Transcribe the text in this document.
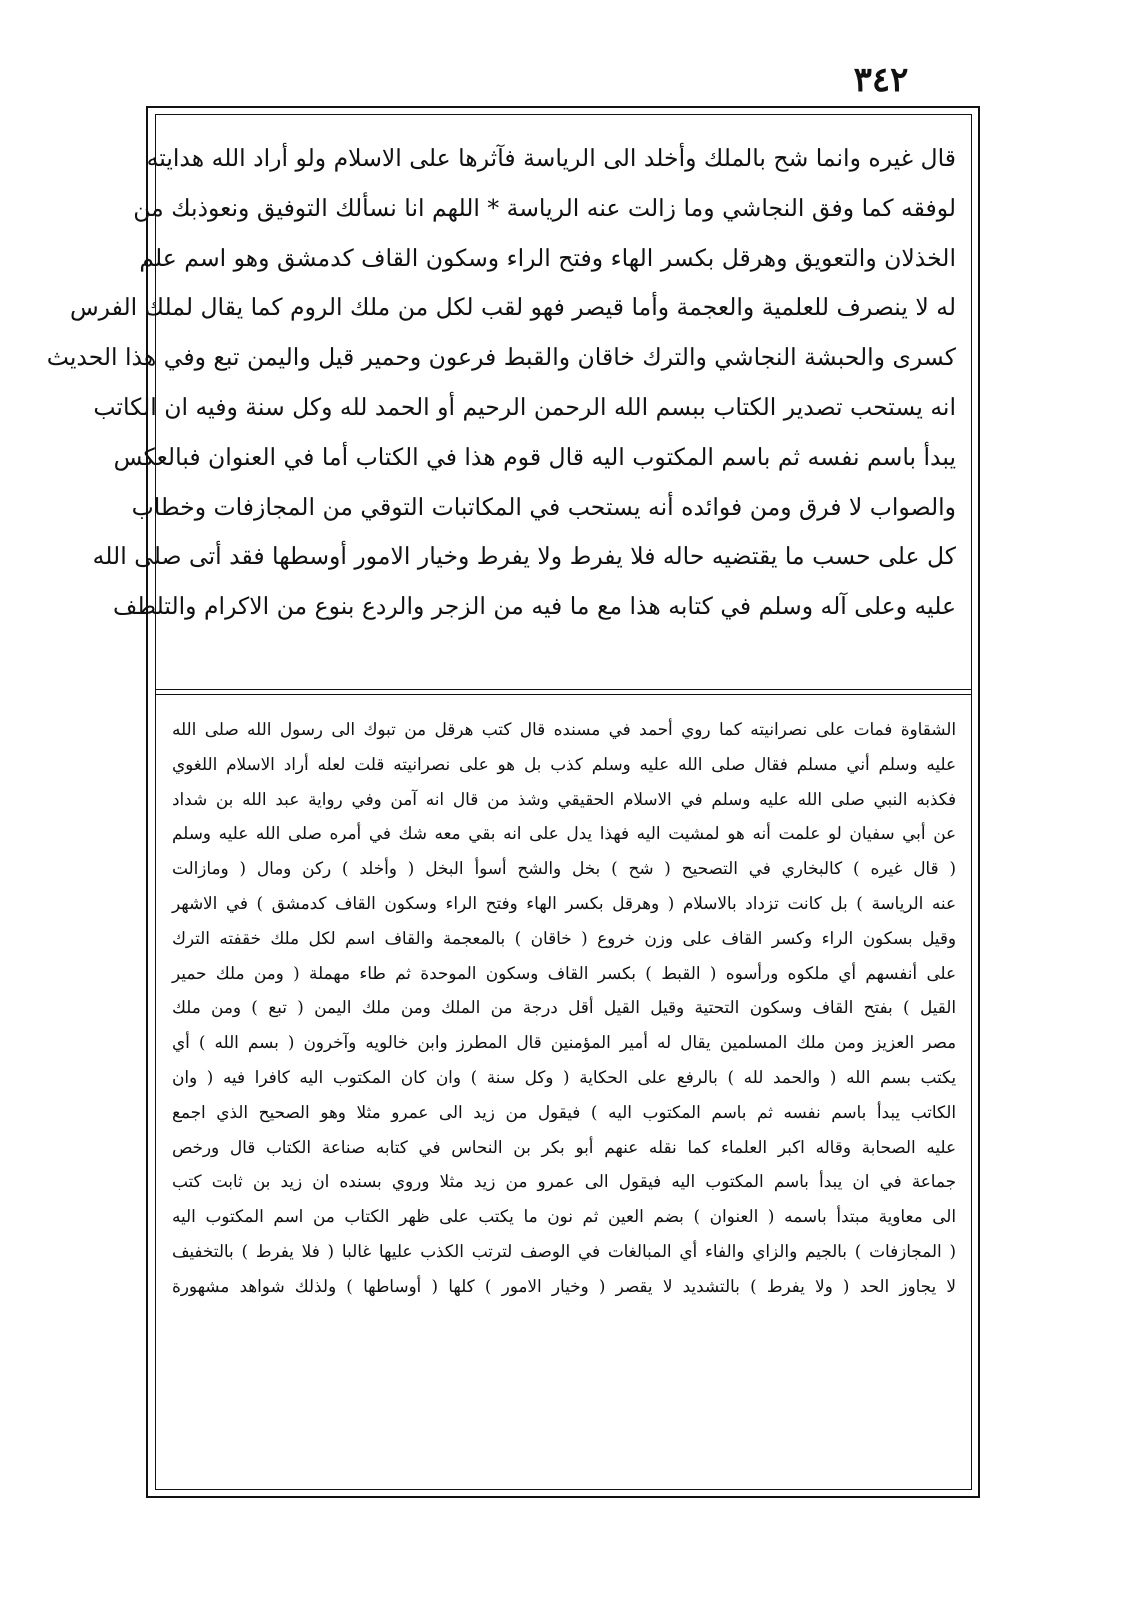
٣٤٢
قال غيره وانما شح بالملك وأخلد الى الرياسة فآثرها على الاسلام ولو أراد الله هدايته
لوفقه كما وفق النجاشي وما زالت عنه الرياسة * اللهم انا نسألك التوفيق ونعوذبك من
الخذلان والتعويق وهرقل بكسر الهاء وفتح الراء وسكون القاف كدمشق وهو اسم علم
له لا ينصرف للعلمية والعجمة وأما قيصر فهو لقب لكل من ملك الروم كما يقال لملك الفرس
كسرى والحبشة النجاشي والترك خاقان والقبط فرعون وحمير قيل واليمن تبع وفي هذا الحديث
انه يستحب تصدير الكتاب ببسم الله الرحمن الرحيم أو الحمد لله وكل سنة وفيه ان الكاتب
يبدأ باسم نفسه ثم باسم المكتوب اليه قال قوم هذا في الكتاب أما في العنوان فبالعكس
والصواب لا فرق ومن فوائده أنه يستحب في المكاتبات التوقي من المجازفات وخطاب
كل على حسب ما يقتضيه حاله فلا يفرط ولا يفرط وخيار الامور أوسطها فقد أتى صلى الله
عليه وعلى آله وسلم في كتابه هذا مع ما فيه من الزجر والردع بنوع من الاكرام والتلطف
الشقاوة فمات على نصرانيته كما روي أحمد في مسنده قال كتب هرقل من تبوك الى رسول الله صلى الله
عليه وسلم أني مسلم فقال صلى الله عليه وسلم كذب بل هو على نصرانيته قلت لعله أراد الاسلام اللغوي
فكذبه النبي صلى الله عليه وسلم في الاسلام الحقيقي وشذ من قال انه آمن وفي رواية عبد الله بن شداد
عن أبي سفيان لو علمت أنه هو لمشيت اليه فهذا يدل على انه بقي معه شك في أمره صلى الله عليه وسلم
( قال غيره ) كالبخاري في التصحيح ( شح ) بخل والشح أسوأ البخل ( وأخلد ) ركن ومال ( ومازالت
عنه الرياسة ) بل كانت تزداد بالاسلام ( وهرقل بكسر الهاء وفتح الراء وسكون القاف كدمشق ) في الاشهر
وقيل بسكون الراء وكسر القاف على وزن خروع ( خاقان ) بالمعجمة والقاف اسم لكل ملك خقفته الترك
على أنفسهم أي ملكوه ورأسوه ( القبط ) بكسر القاف وسكون الموحدة ثم طاء مهملة ( ومن ملك حمير
القيل ) بفتح القاف وسكون التحتية وقيل القيل أقل درجة من الملك ومن ملك اليمن ( تبع ) ومن ملك
مصر العزيز ومن ملك المسلمين يقال له أمير المؤمنين قال المطرز وابن خالويه وآخرون ( بسم الله ) أي
يكتب بسم الله ( والحمد لله ) بالرفع على الحكاية ( وكل سنة ) وان كان المكتوب اليه كافرا فيه ( وان
الكاتب يبدأ باسم نفسه ثم باسم المكتوب اليه ) فيقول من زيد الى عمرو مثلا وهو الصحيح الذي اجمع
عليه الصحابة وقاله اكبر العلماء كما نقله عنهم أبو بكر بن النحاس في كتابه صناعة الكتاب قال ورخص
جماعة في ان يبدأ باسم المكتوب اليه فيقول الى عمرو من زيد مثلا وروي بسنده ان زيد بن ثابت كتب
الى معاوية مبتدأ باسمه ( العنوان ) بضم العين ثم نون ما يكتب على ظهر الكتاب من اسم المكتوب اليه
( المجازفات ) بالجيم والزاي والفاء أي المبالغات في الوصف لترتب الكذب عليها غالبا ( فلا يفرط ) بالتخفيف
لا يجاوز الحد ( ولا يفرط ) بالتشديد لا يقصر ( وخيار الامور ) كلها ( أوساطها ) ولذلك شواهد مشهورة
